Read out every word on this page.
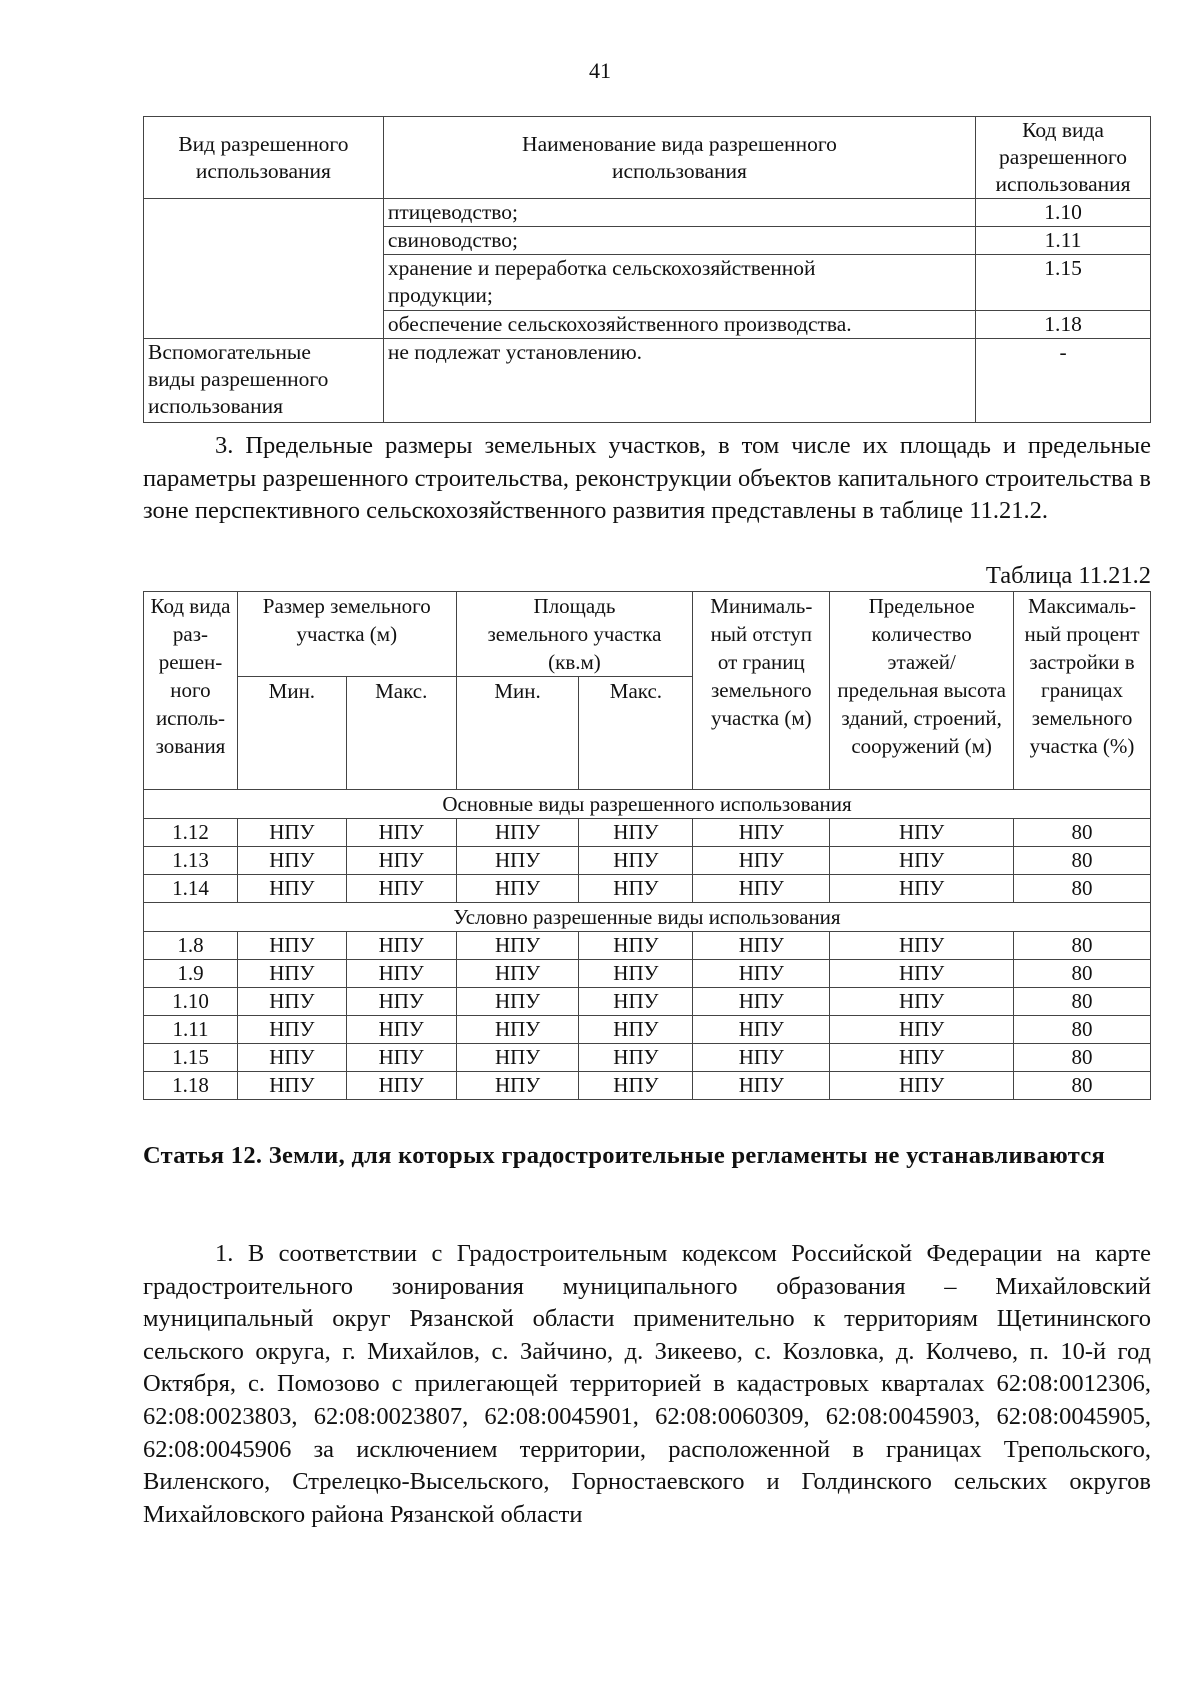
41
Вид разрешенного использования	Наименование вида разрешенного использования	Код вида разрешенного использования
	птицеводство;	1.10
	свиноводство;	1.11
	хранение и переработка сельскохозяйственной продукции;	1.15
	обеспечение сельскохозяйственного производства.	1.18
Вспомогательные виды разрешенного использования	не подлежат установлению.	-
3. Предельные размеры земельных участков, в том числе их площадь и предельные параметры разрешенного строительства, реконструкции объектов капитального строительства в зоне перспективного сельскохозяйственного развития представлены в таблице 11.21.2.
Таблица 11.21.2
Код вида раз-решен-ного исполь-зования	Размер земельного участка (м)		Площадь земельного участка (кв.м)		Минималь-ный отступ от границ земельного участка (м)	Предельное количество этажей/ предельная высота зданий, строений, сооружений (м)	Максималь-ный процент застройки в границах земельного участка (%)
	Мин.	Макс.	Мин.	Макс.			
Основные виды разрешенного использования							
1.12	НПУ	НПУ	НПУ	НПУ	НПУ	НПУ	80
1.13	НПУ	НПУ	НПУ	НПУ	НПУ	НПУ	80
1.14	НПУ	НПУ	НПУ	НПУ	НПУ	НПУ	80
Условно разрешенные виды использования							
1.8	НПУ	НПУ	НПУ	НПУ	НПУ	НПУ	80
1.9	НПУ	НПУ	НПУ	НПУ	НПУ	НПУ	80
1.10	НПУ	НПУ	НПУ	НПУ	НПУ	НПУ	80
1.11	НПУ	НПУ	НПУ	НПУ	НПУ	НПУ	80
1.15	НПУ	НПУ	НПУ	НПУ	НПУ	НПУ	80
1.18	НПУ	НПУ	НПУ	НПУ	НПУ	НПУ	80
Статья 12. Земли, для которых градостроительные регламенты не устанавливаются
1. В соответствии с Градостроительным кодексом Российской Федерации на карте градостроительного зонирования муниципального образования – Михайловский муниципальный округ Рязанской области применительно к территориям Щетининского сельского округа, г. Михайлов, с. Зайчино, д. Зикеево, с. Козловка, д. Колчево, п. 10-й год Октября, с. Помозово с прилегающей территорией в кадастровых кварталах 62:08:0012306, 62:08:0023803, 62:08:0023807, 62:08:0045901, 62:08:0060309, 62:08:0045903, 62:08:0045905, 62:08:0045906 за исключением территории, расположенной в границах Трепольского, Виленского, Стрелецко-Высельского, Горностаевского и Голдинского сельских округов Михайловского района Рязанской области
